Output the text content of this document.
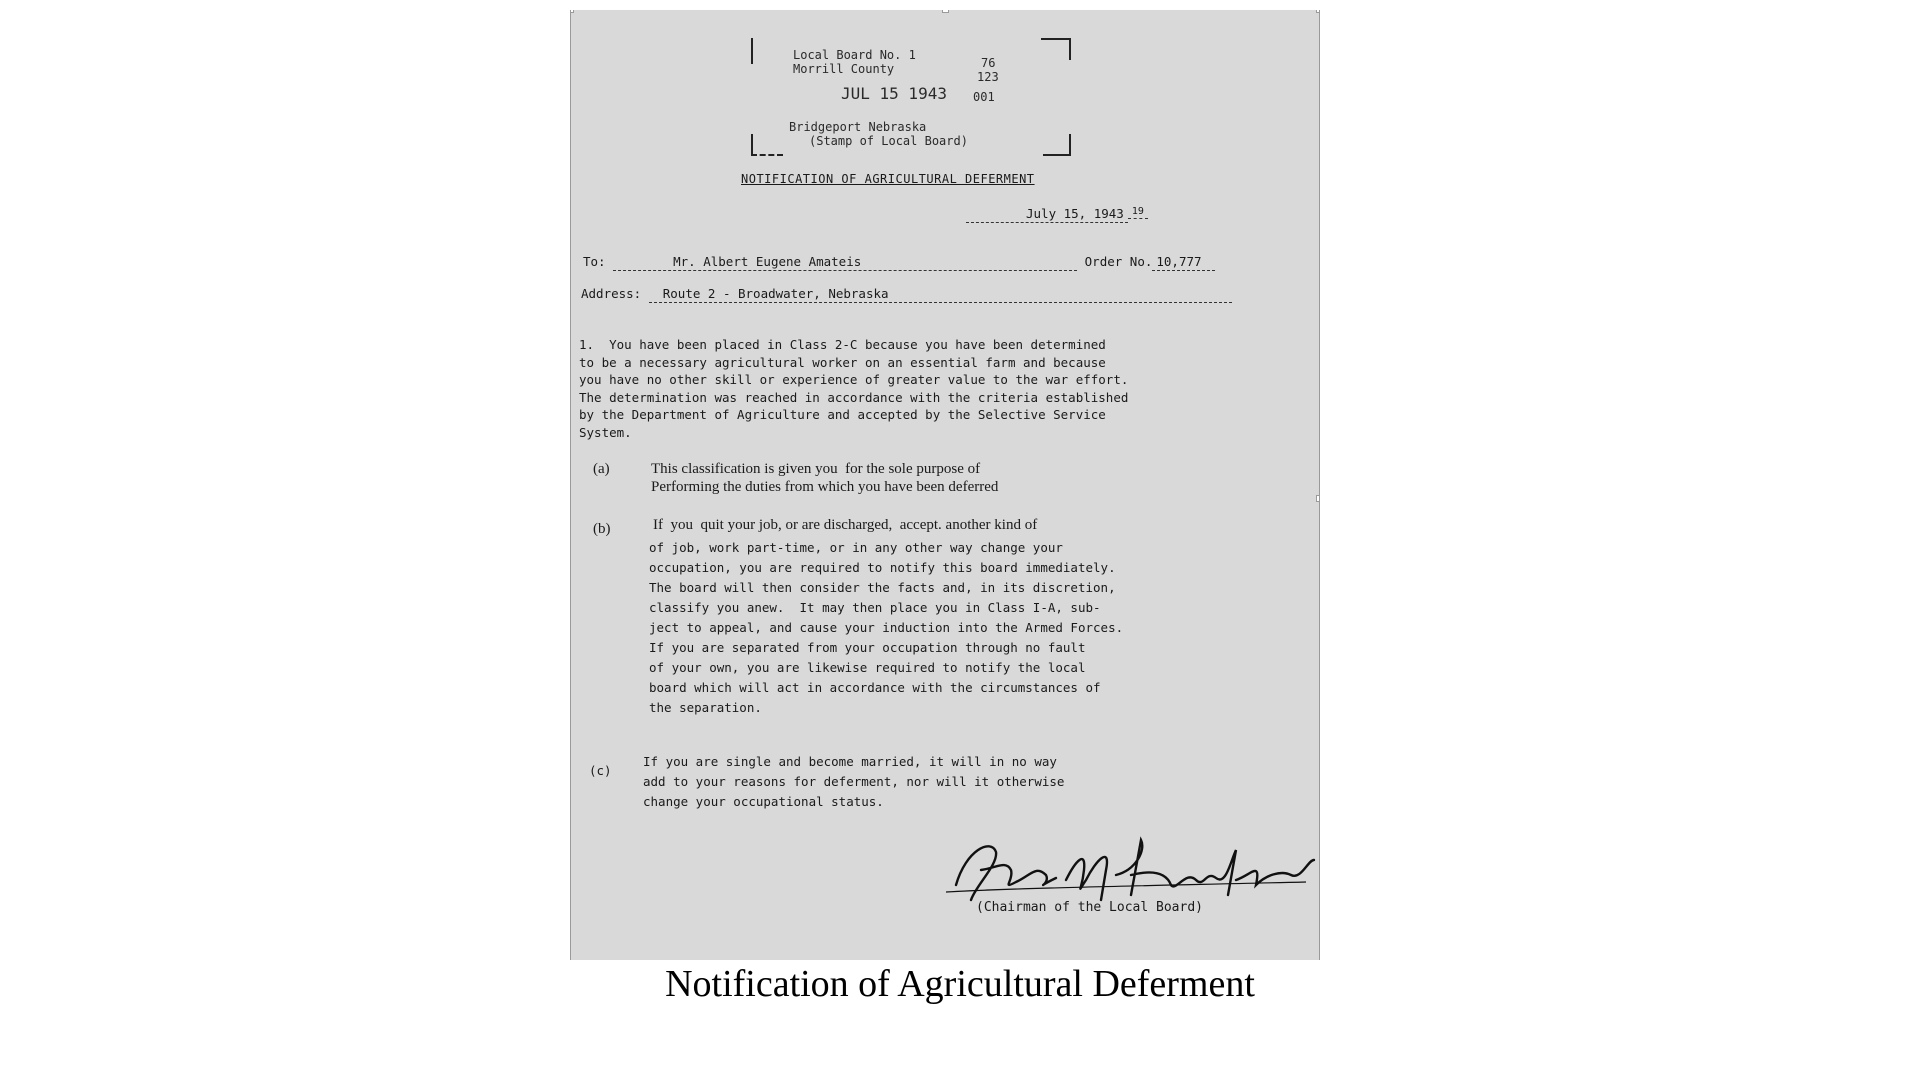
Local Board No. 1
Morrill County	76
123
JUL 15 1943 001
Bridgeport Nebraska
(Stamp of Local Board)
NOTIFICATION OF AGRICULTURAL DEFERMENT
July 15, 1943 19
To:	Mr. Albert Eugene Amateis	Order No. 10,777
Address: Route 2 - Broadwater, Nebraska
1.  You have been placed in Class 2-C because you have been determined
to be a necessary agricultural worker on an essential farm and because
you have no other skill or experience of greater value to the war effort.
The determination was reached in accordance with the criteria established
by the Department of Agriculture and accepted by the Selective Service
System.
(a)	This classification is given you  for the sole purpose of
Performing the duties from which you have been deferred
(b)	If  you  quit your job, or are discharged,  accept. another kind of
of job, work part-time, or in any other way change your
occupation, you are required to notify this board immediately.
The board will then consider the facts and, in its discretion,
classify you anew.  It may then place you in Class I-A, sub-
ject to appeal, and cause your induction into the Armed Forces.
If you are separated from your occupation through no fault
of your own, you are likewise required to notify the local
board which will act in accordance with the circumstances of
the separation.
(c)
If you are single and become married, it will in no way
add to your reasons for deferment, nor will it otherwise
change your occupational status.
(Chairman of the Local Board)
Notification of Agricultural Deferment
